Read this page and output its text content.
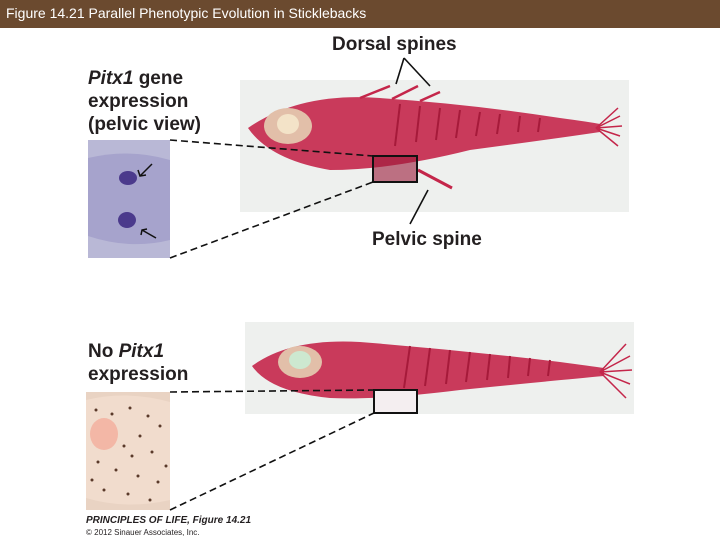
Figure 14.21 Parallel Phenotypic Evolution in Sticklebacks
Pitx1 gene
expression
(pelvic view)
No Pitx1
expression
Dorsal spines
Pelvic spine
PRINCIPLES OF LIFE, Figure 14.21
© 2012 Sinauer Associates, Inc.
